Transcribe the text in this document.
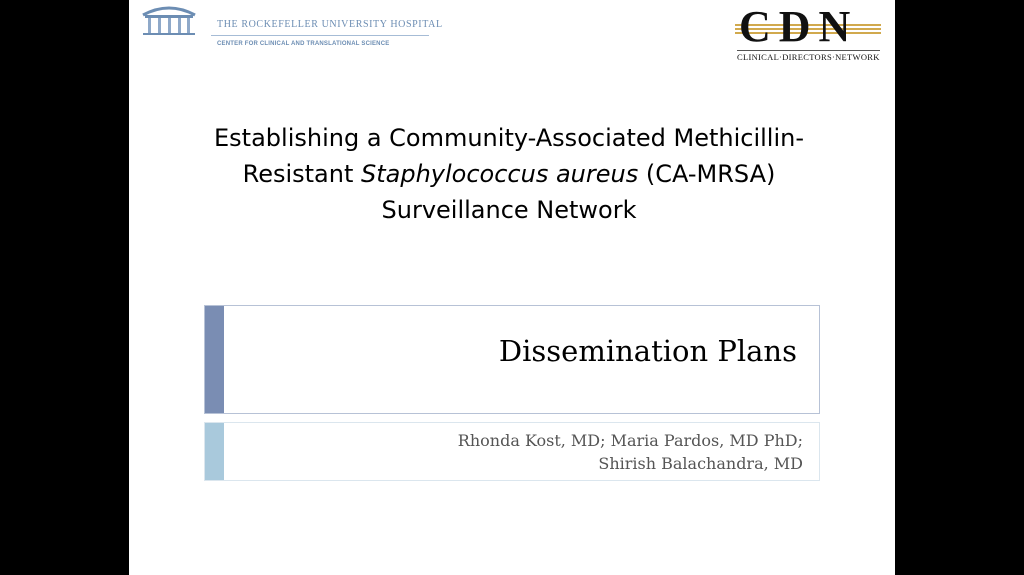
THE ROCKEFELLER UNIVERSITY HOSPITAL
CENTER FOR CLINICAL AND TRANSLATIONAL SCIENCE	CDN
CLINICAL·DIRECTORS·NETWORK
Establishing a Community-Associated Methicillin-
Resistant Staphylococcus aureus (CA-MRSA)
Surveillance Network
Dissemination Plans
Rhonda Kost, MD; Maria Pardos, MD PhD;
Shirish Balachandra, MD
